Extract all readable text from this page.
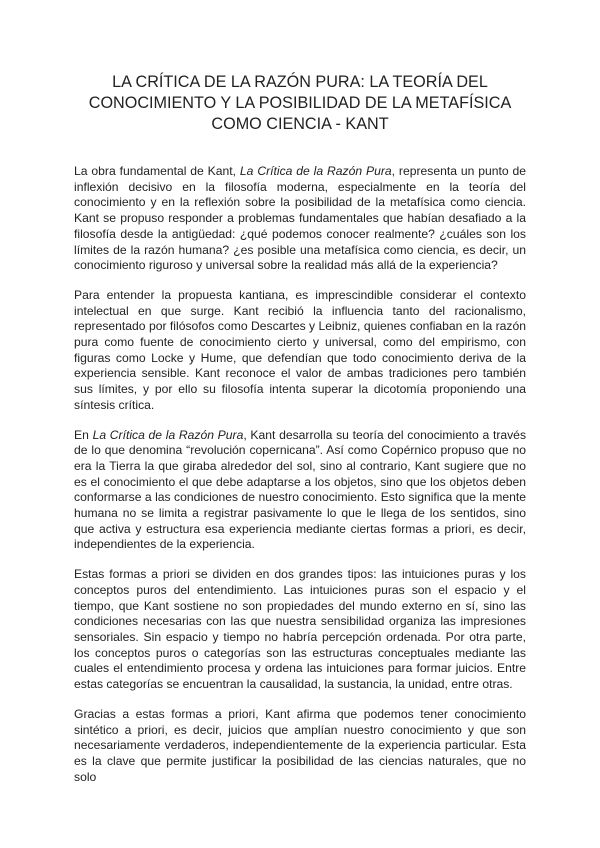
LA CRÍTICA DE LA RAZÓN PURA: LA TEORÍA DEL CONOCIMIENTO Y LA POSIBILIDAD DE LA METAFÍSICA COMO CIENCIA - KANT

La obra fundamental de Kant, La Crítica de la Razón Pura, representa un punto de inflexión decisivo en la filosofía moderna, especialmente en la teoría del conocimiento y en la reflexión sobre la posibilidad de la metafísica como ciencia. Kant se propuso responder a problemas fundamentales que habían desafiado a la filosofía desde la antigüedad: ¿qué podemos conocer realmente? ¿cuáles son los límites de la razón humana? ¿es posible una metafísica como ciencia, es decir, un conocimiento riguroso y universal sobre la realidad más allá de la experiencia?

Para entender la propuesta kantiana, es imprescindible considerar el contexto intelectual en que surge. Kant recibió la influencia tanto del racionalismo, representado por filósofos como Descartes y Leibniz, quienes confiaban en la razón pura como fuente de conocimiento cierto y universal, como del empirismo, con figuras como Locke y Hume, que defendían que todo conocimiento deriva de la experiencia sensible. Kant reconoce el valor de ambas tradiciones pero también sus límites, y por ello su filosofía intenta superar la dicotomía proponiendo una síntesis crítica.

En La Crítica de la Razón Pura, Kant desarrolla su teoría del conocimiento a través de lo que denomina “revolución copernicana”. Así como Copérnico propuso que no era la Tierra la que giraba alrededor del sol, sino al contrario, Kant sugiere que no es el conocimiento el que debe adaptarse a los objetos, sino que los objetos deben conformarse a las condiciones de nuestro conocimiento. Esto significa que la mente humana no se limita a registrar pasivamente lo que le llega de los sentidos, sino que activa y estructura esa experiencia mediante ciertas formas a priori, es decir, independientes de la experiencia.

Estas formas a priori se dividen en dos grandes tipos: las intuiciones puras y los conceptos puros del entendimiento. Las intuiciones puras son el espacio y el tiempo, que Kant sostiene no son propiedades del mundo externo en sí, sino las condiciones necesarias con las que nuestra sensibilidad organiza las impresiones sensoriales. Sin espacio y tiempo no habría percepción ordenada. Por otra parte, los conceptos puros o categorías son las estructuras conceptuales mediante las cuales el entendimiento procesa y ordena las intuiciones para formar juicios. Entre estas categorías se encuentran la causalidad, la sustancia, la unidad, entre otras.

Gracias a estas formas a priori, Kant afirma que podemos tener conocimiento sintético a priori, es decir, juicios que amplían nuestro conocimiento y que son necesariamente verdaderos, independientemente de la experiencia particular. Esta es la clave que permite justificar la posibilidad de las ciencias naturales, que no solo
